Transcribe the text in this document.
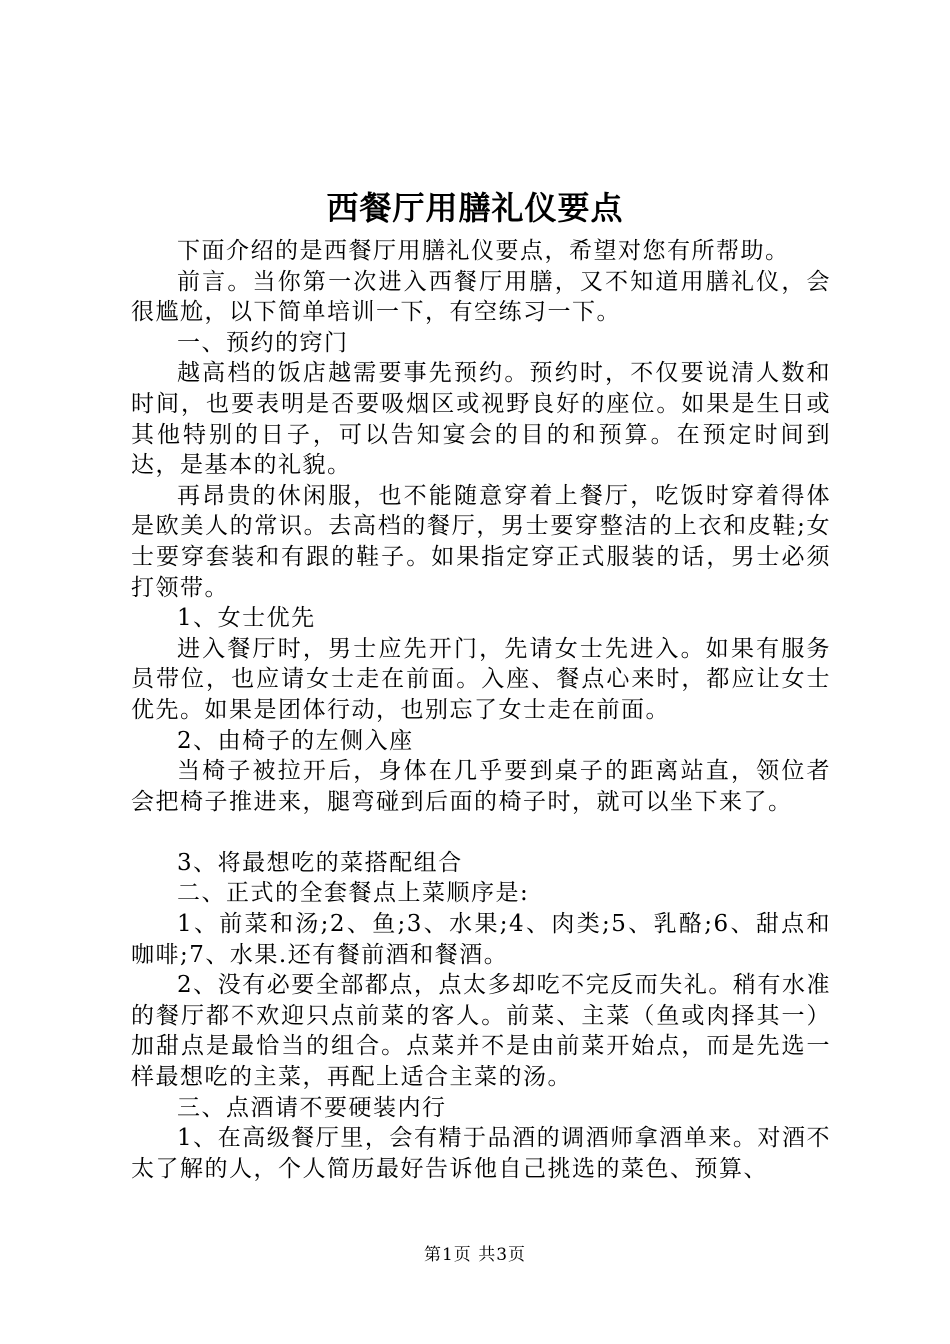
西餐厅用膳礼仪要点

下面介绍的是西餐厅用膳礼仪要点，希望对您有所帮助。

前言。当你第一次进入西餐厅用膳，又不知道用膳礼仪，会很尴尬，以下简单培训一下，有空练习一下。

一、预约的窍门

越高档的饭店越需要事先预约。预约时，不仅要说清人数和时间，也要表明是否要吸烟区或视野良好的座位。如果是生日或其他特别的日子，可以告知宴会的目的和预算。在预定时间到达，是基本的礼貌。

再昂贵的休闲服，也不能随意穿着上餐厅，吃饭时穿着得体是欧美人的常识。去高档的餐厅，男士要穿整洁的上衣和皮鞋;女士要穿套装和有跟的鞋子。如果指定穿正式服装的话，男士必须打领带。

1、女士优先

进入餐厅时，男士应先开门，先请女士先进入。如果有服务员带位，也应请女士走在前面。入座、餐点心来时，都应让女士优先。如果是团体行动，也别忘了女士走在前面。

2、由椅子的左侧入座

当椅子被拉开后，身体在几乎要到桌子的距离站直，领位者会把椅子推进来，腿弯碰到后面的椅子时，就可以坐下来了。

3、将最想吃的菜搭配组合

二、正式的全套餐点上菜顺序是:

1、前菜和汤;2、鱼;3、水果;4、肉类;5、乳酪;6、甜点和咖啡;7、水果.还有餐前酒和餐酒。

2、没有必要全部都点，点太多却吃不完反而失礼。稍有水准的餐厅都不欢迎只点前菜的客人。前菜、主菜（鱼或肉择其一）加甜点是最恰当的组合。点菜并不是由前菜开始点，而是先选一样最想吃的主菜，再配上适合主菜的汤。

三、点酒请不要硬装内行

1、在高级餐厅里，会有精于品酒的调酒师拿酒单来。对酒不太了解的人，个人简历最好告诉他自己挑选的菜色、预算、

第1页 共3页
